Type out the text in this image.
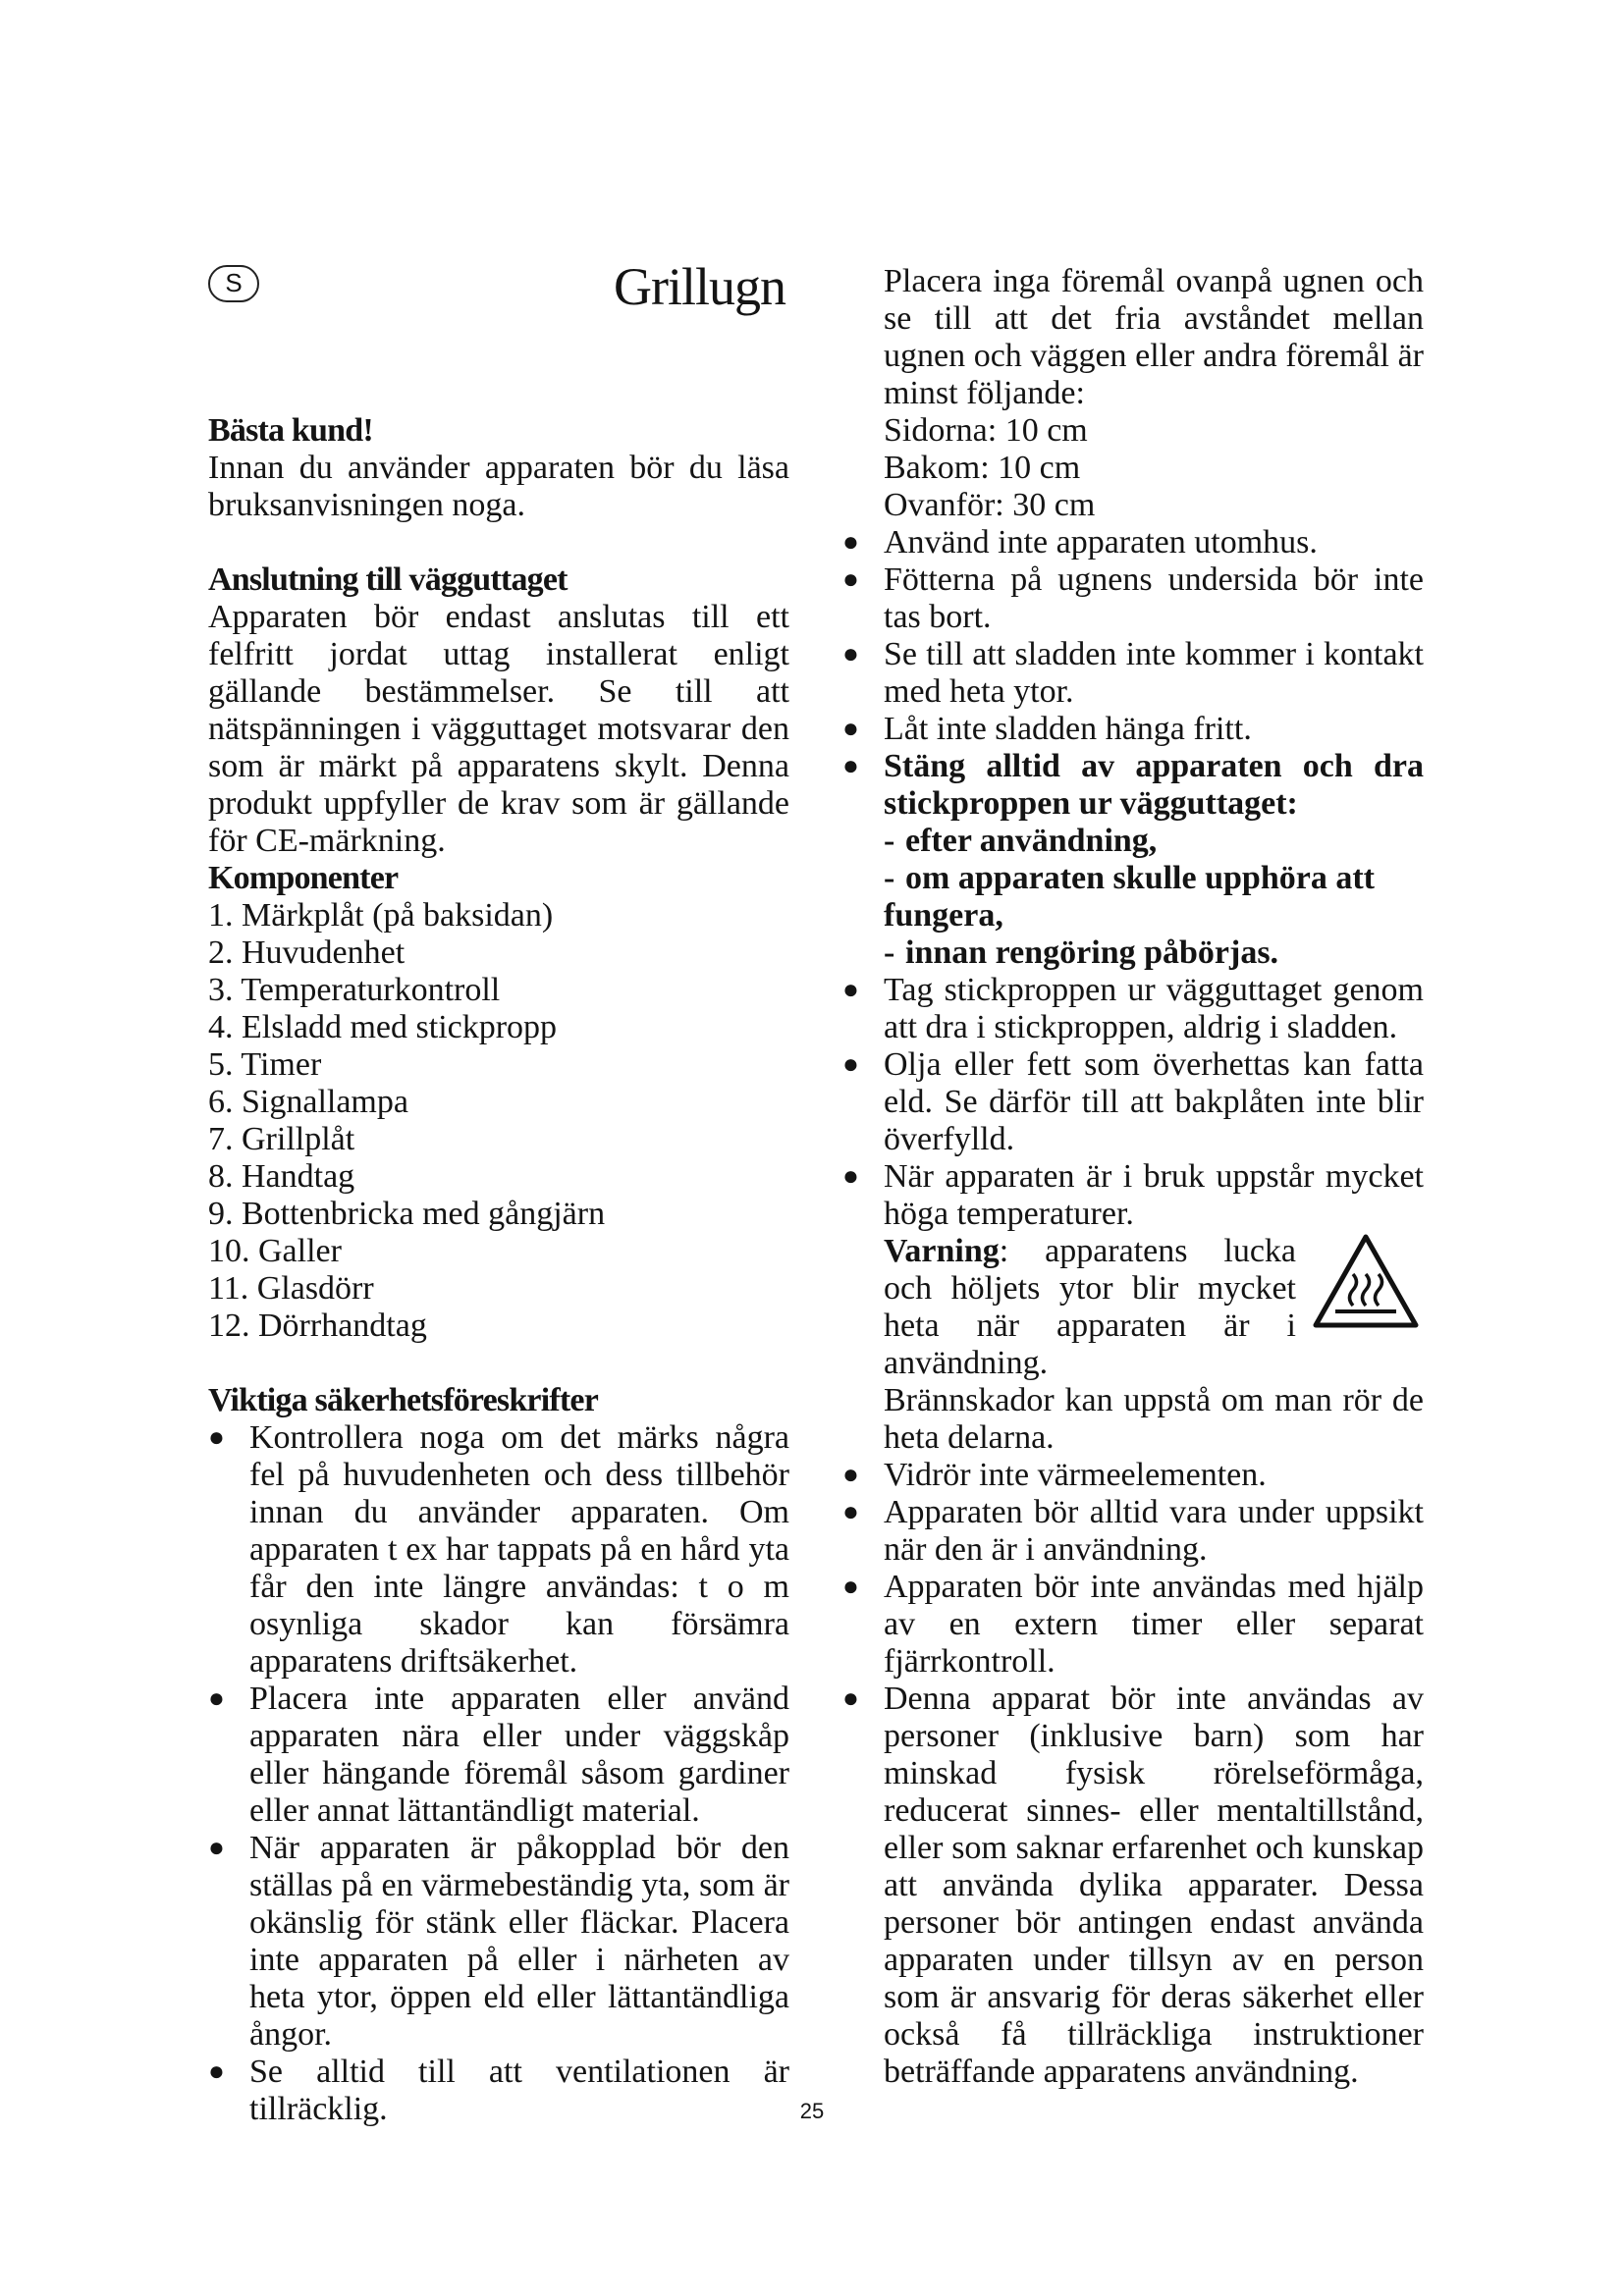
S	Grillugn

Bästa kund!

Innan du använder apparaten bör du läsa bruksanvisningen noga.

Anslutning till vägguttaget

Apparaten bör endast anslutas till ett felfritt jordat uttag installerat enligt gällande bestämmelser. Se till att nätspänningen i vägguttaget motsvarar den som är märkt på apparatens skylt. Denna produkt uppfyller de krav som är gällande för CE-märkning.

Komponenter

1. Märkplåt (på baksidan)

2. Huvudenhet

3. Temperaturkontroll

4. Elsladd med stickpropp

5. Timer

6. Signallampa

7. Grillplåt

8. Handtag

9. Bottenbricka med gångjärn

10. Galler

11. Glasdörr

12. Dörrhandtag

Viktiga säkerhetsföreskrifter

● Kontrollera noga om det märks några fel på huvudenheten och dess tillbehör innan du använder apparaten. Om apparaten t ex har tappats på en hård yta får den inte längre användas: t o m osynliga skador kan försämra apparatens driftsäkerhet.
● Placera inte apparaten eller använd apparaten nära eller under väggskåp eller hängande föremål såsom gardiner eller annat lättantändligt material.
● När apparaten är påkopplad bör den ställas på en värmebeständig yta, som är okänslig för stänk eller fläckar. Placera inte apparaten på eller i närheten av heta ytor, öppen eld eller lättantändliga ångor.
● Se alltid till att ventilationen är tillräcklig.

Placera inga föremål ovanpå ugnen och se till att det fria avståndet mellan ugnen och väggen eller andra föremål är minst följande:

Sidorna: 10 cm

Bakom: 10 cm

Ovanför: 30 cm

● Använd inte apparaten utomhus.
● Fötterna på ugnens undersida bör inte tas bort.
● Se till att sladden inte kommer i kontakt med heta ytor.
● Låt inte sladden hänga fritt.
● Stäng alltid av apparaten och dra stickproppen ur vägguttaget:

- efter användning,

- om apparaten skulle upphöra att fungera,

- innan rengöring påbörjas.

● Tag stickproppen ur vägguttaget genom att dra i stickproppen, aldrig i sladden.
● Olja eller fett som överhettas kan fatta eld. Se därför till att bakplåten inte blir överfylld.
● När apparaten är i bruk uppstår mycket höga temperaturer.

Varning: apparatens lucka och höljets ytor blir mycket heta när apparaten är i användning.

Brännskador kan uppstå om man rör de heta delarna.

● Vidrör inte värmeelementen.
● Apparaten bör alltid vara under uppsikt när den är i användning.
● Apparaten bör inte användas med hjälp av en extern timer eller separat fjärrkontroll.
● Denna apparat bör inte användas av personer (inklusive barn) som har minskad fysisk rörelseförmåga, reducerat sinnes- eller mentaltillstånd, eller som saknar erfarenhet och kunskap att använda dylika apparater. Dessa personer bör antingen endast använda apparaten under tillsyn av en person som är ansvarig för deras säkerhet eller också få tillräckliga instruktioner beträffande apparatens användning.
25
